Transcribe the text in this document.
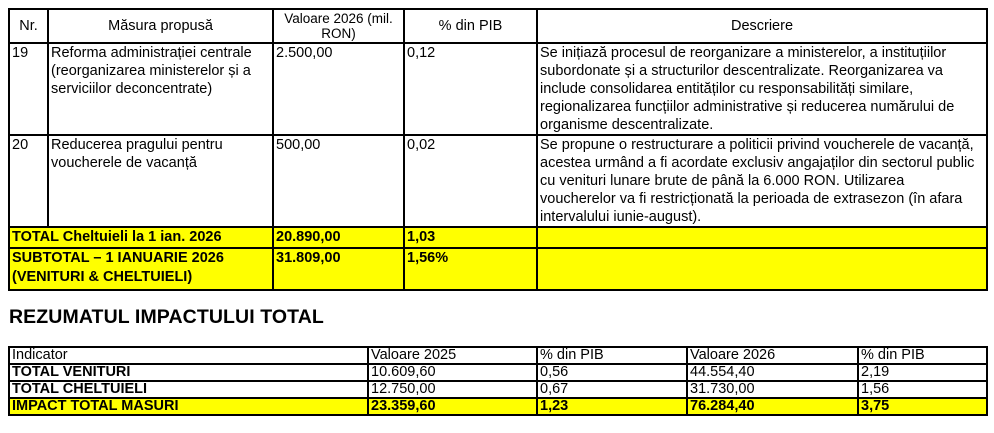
Nr.	Măsura propusă	Valoare 2026 (mil. RON)	% din PIB	Descriere
19	Reforma administrației centrale (reorganizarea ministerelor și a serviciilor deconcentrate)	2.500,00	0,12	Se inițiază procesul de reorganizare a ministerelor, a instituțiilor subordonate și a structurilor descentralizate. Reorganizarea va include consolidarea entităților cu responsabilități similare, regionalizarea funcțiilor administrative și reducerea numărului de organisme descentralizate.
20	Reducerea pragului pentru voucherele de vacanță	500,00	0,02	Se propune o restructurare a politicii privind voucherele de vacanță, acestea urmând a fi acordate exclusiv angajaților din sectorul public cu venituri lunare brute de până la 6.000 RON. Utilizarea voucherelor va fi restricționată la perioada de extrasezon (în afara intervalului iunie-august).
TOTAL Cheltuieli la 1 ian. 2026		20.890,00	1,03	
SUBTOTAL – 1 IANUARIE 2026 (VENITURI & CHELTUIELI)		31.809,00	1,56%	
REZUMATUL IMPACTULUI TOTAL
Indicator	Valoare 2025	% din PIB	Valoare 2026	% din PIB
TOTAL VENITURI	10.609,60	0,56	44.554,40	2,19
TOTAL CHELTUIELI	12.750,00	0,67	31.730,00	1,56
IMPACT TOTAL MĂSURI	23.359,60	1,23	76.284,40	3,75
